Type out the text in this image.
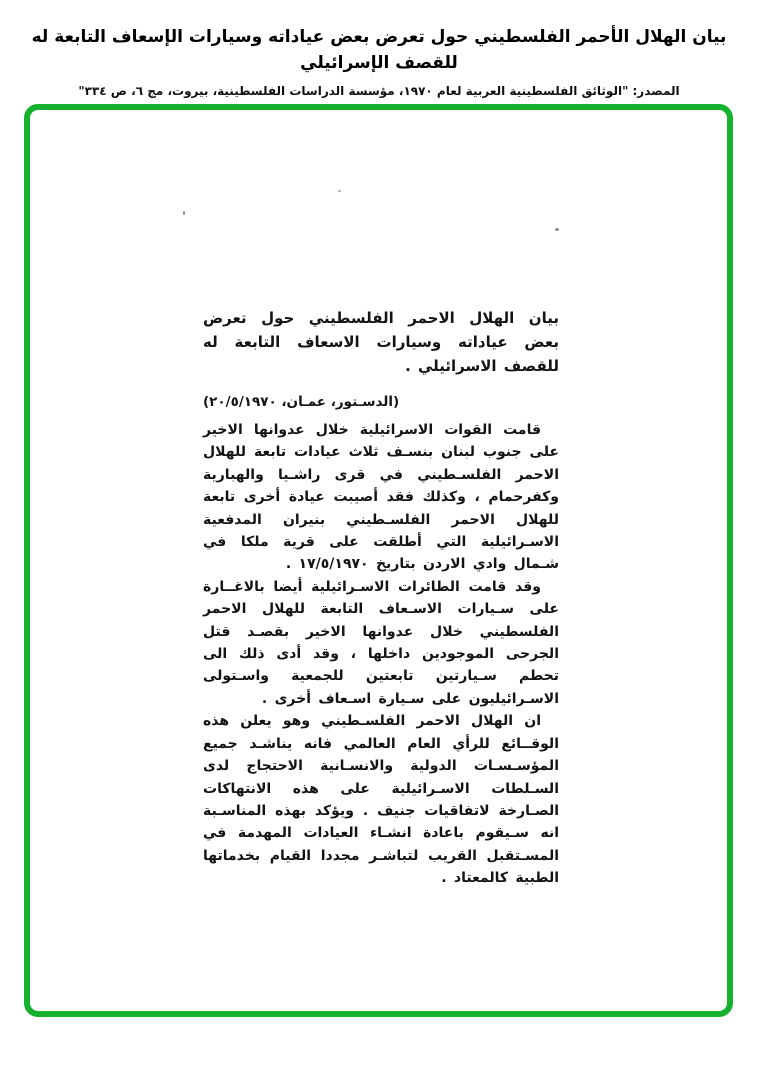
بيان الهلال الأحمر الفلسطيني حول تعرض بعض عياداته وسيارات الإسعاف التابعة له للقصف الإسرائيلي
المصدر: "الوثائق الفلسطينية العربية لعام ١٩٧٠، مؤسسة الدراسات الفلسطينية، بيروت، مج ٦، ص ٣٣٤"
بيان الهلال الاحمر الفلسطيني حول تعرض بعض عياداته وسيارات الاسعاف التابعة له للقصف الاسرائيلي .
(الدسـتور، عمـان، ٢٠/٥/١٩٧٠)

قامت القوات الاسرائيلية خلال عدوانها الاخير على جنوب لبنان بنسـف ثلاث عيادات تابعة للهلال الاحمر الفلسـطيني في قرى راشـيا والهبارية وكفرحمام ، وكذلك فقد أصيبت عيادة أخرى تابعة للهلال الاحمر الفلسـطيني بنيران المدفعية الاسـرائيلية التي أطلقت على قرية ملكا في شـمال وادي الاردن بتاريخ ١٧/٥/١٩٧٠ .

وقد قامت الطائرات الاسـرائيلية أيضا بالاغــارة على سـيارات الاسـعاف التابعة للهلال الاحمر الفلسطيني خلال عدوانها الاخير بقصـد قتل الجرحى الموجودين داخلها ، وقد أدى ذلك الى تحطم سـيارتين تابعتين للجمعية واسـتولى الاسـرائيليون على سـيارة اسـعاف أخرى .

ان الهلال الاحمر الفلسـطيني وهو يعلن هذه الوقــائع للرأي العام العالمي فانه يناشـد جميع المؤسـسـات الدولية والانسـانية الاحتجاج لدى السـلطات الاسـرائيلية على هذه الانتهاكات الصـارخة لاتفاقيات جنيف . ويؤكد بهذه المناسـبة انه سـيقوم باعادة انشـاء العيادات المهدمة في المسـتقبل القريب لتباشـر مجددا القيام بخدماتها الطبية كالمعتاد .
